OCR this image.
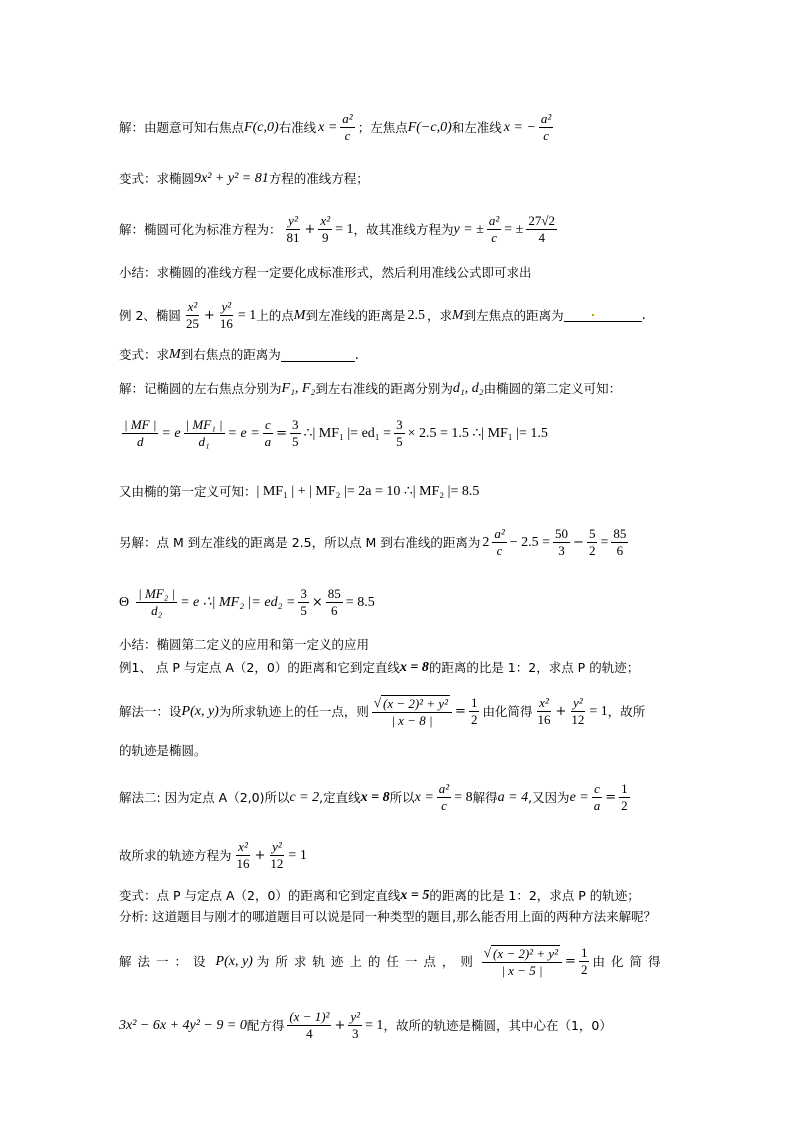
解：由题意可知右焦点 F(c,0) 右准线 $x = \frac{\text{a²}}{c}$ ；左焦点 F(−c,0) 和左准线 x = − $\frac{\text{a²}}{c}$
变式：求椭圆 9x² + y² = 81 方程的准线方程；
解：椭圆可化为标准方程为： $\frac{\text{y²}}{81} + \frac{\text{x²}}{9} = 1$ ，故其准线方程为 y = ± $\frac{\text{a²}}{c}$ = ± $\frac{27√2}{4}$
小结：求椭圆的准线方程一定要化成标准形式，然后利用准线公式即可求出
例 2、椭圆 $\frac{\text{x²}}{25} + \frac{\text{y²}}{16} = 1$ 上的点 M 到左准线的距离是 2.5 ，求 M 到左焦点的距离为	.
变式：求 M 到右焦点的距离为	.
解：记椭圆的左右焦点分别为 F₁, F₂ 到左右准线的距离分别为 d₁, d₂ 由椭圆的第二定义可知：
$\frac{| MF |}{d} = e \frac{\text{| MF₁ |}}{\text{d₁}} = e = \frac{c}{a} = \frac{3}{5}$ ∴| MF₁ |= $ed_1 = \frac{3}{5} \times 2.5 = 1.5$ ∴| MF₁ |= 1.5
又由椭的第一定义可知： | MF₁ | + | MF₂ |= 2a = 10 ∴| MF₂ |= 8.5
另解：点 M 到左准线的距离是 2.5，所以点 M 到右准线的距离为 $2 \frac{\text{a²}}{c} - 2.5 = \frac{50}{3} - \frac{5}{2} = \frac{85}{6}$
Θ $\frac{\text{| MF₂ |}}{\text{d₂}} = e$ ∴| MF₂ |= $ed_2 = \frac{3}{5} \times \frac{85}{6} = 8.5$
小结：椭圆第二定义的应用和第一定义的应用
例1、 点 P 与定点 A（2，0）的距离和它到定直线 x = 8 的距离的比是 1：2，求点 P 的轨迹；
解法一：设 P(x, y) 为所求轨迹上的任一点，则 $\frac{\text{√ (x − 2)² + y²}}{| x - 8 |} = \frac{1}{2}$ 由化简得 $\frac{\text{x²}}{16} + \frac{\text{y²}}{12} = 1$ ，故所
的轨迹是椭圆。
解法二: 因为定点 A（2,0)所以 c = 2 ,定直线 x = 8 所以 $x = \frac{\text{a²}}{c} = 8$ 解得 a = 4 ,又因为 $e = \frac{c}{a} = \frac{1}{2}$
故所求的轨迹方程为 $\frac{\text{x²}}{16} + \frac{\text{y²}}{12} = 1$
变式：点 P 与定点 A（2，0）的距离和它到定直线 x = 5 的距离的比是 1：2，求点 P 的轨迹；
分析: 这道题目与刚才的哪道题目可以说是同一种类型的题目,那么能否用上面的两种方法来解呢？
解法一：设 P(x, y) 为所求轨迹上的任一点，则 $\frac{\text{√ (x − 2)² + y²}}{| x - 5 |} = \frac{1}{2}$ 由化简得
3x² − 6x + 4y² − 9 = 0 配方得 $\frac{\text{(x − 1)²}}{4} + \frac{\text{y²}}{3} = 1$ ，故所的轨迹是椭圆，其中心在（1，0）
